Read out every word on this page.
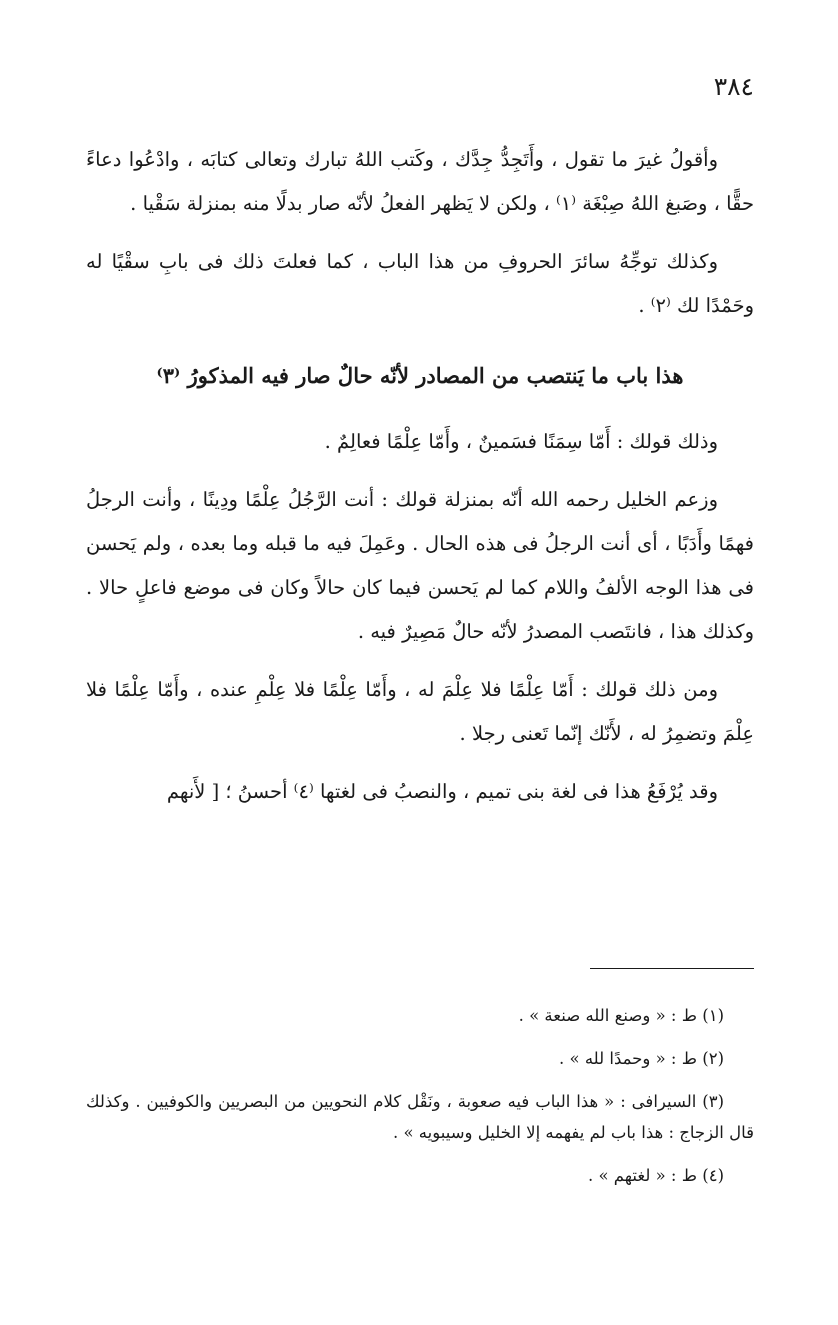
٣٨٤

وأقولُ غيرَ ما تقول ، وأَتَجِدُّ جِدَّك ، وكَتب اللهُ تبارك وتعالى كتابَه ، وادْعُوا دعاءً حقًّا ، وصَبغ اللهُ صِبْغَة ⁽١⁾ ، ولكن لا يَظهر الفعلُ لأنّه صار بدلًا منه بمنزلة سَقْيا .

وكذلك توجِّهُ سائرَ الحروفِ من هذا الباب ، كما فعلتَ ذلك فى بابِ سقْيًا له وحَمْدًا لك ⁽٢⁾ .

هذا باب ما يَنتصب من المصادر لأنّه حالٌ صار فيه المذكورُ ⁽٣⁾

وذلك قولك : أَمّا سِمَنًا فسَمينٌ ، وأَمّا عِلْمًا فعالِمٌ .

وزعم الخليل رحمه الله أنّه بمنزلة قولك : أنت الرَّجُلُ عِلْمًا ودِينًا ، وأنت الرجلُ فهمًا وأَدَبًا ، أى أنت الرجلُ فى هذه الحال . وعَمِلَ فيه ما قبله وما بعده ، ولم يَحسن فى هذا الوجه الألفُ واللام كما لم يَحسن فيما كان حالاً وكان فى موضع فاعلٍ حالا . وكذلك هذا ، فانتَصب المصدرُ لأنّه حالٌ مَصِيرٌ فيه .

ومن ذلك قولك : أَمّا عِلْمًا فلا عِلْمَ له ، وأَمّا عِلْمًا فلا عِلْمِ عنده ، وأَمّا عِلْمًا فلا عِلْمَ وتضمِرُ له ، لأَنّك إنّما تَعنى رجلا .

وقد يُرْفَعُ هذا فى لغة بنى تميم ، والنصبُ فى لغتها ⁽٤⁾ أحسنُ ؛ [ لأَنهم

(١) ط : « وصنع الله صنعة » .

(٢) ط : « وحمدًا لله » .

(٣) السيرافى : « هذا الباب فيه صعوبة ، ونَقْل كلام النحويين من البصريين والكوفيين . وكذلك قال الزجاج : هذا باب لم يفهمه إلا الخليل وسيبويه » .

(٤) ط : « لغتهم » .
